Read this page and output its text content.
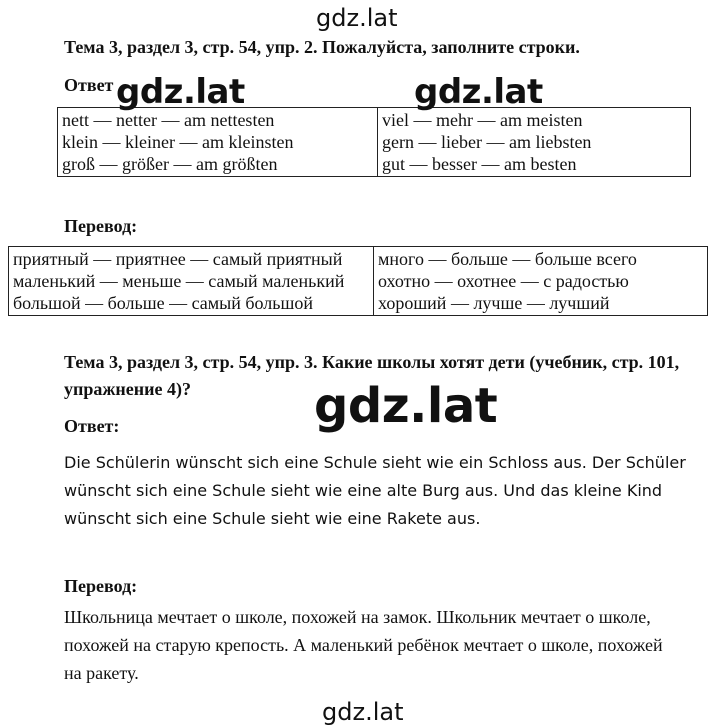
gdz.lat
Тема 3, раздел 3, стр. 54, упр. 2. Пожалуйста, заполните строки.
Ответ
nett — netter — am nettesten
klein — kleiner — am kleinsten
groß — größer — am größten

viel — mehr — am meisten
gern — lieber — am liebsten
gut — besser — am besten
gdz.lat	gdz.lat
Перевод:
приятный — приятнее — самый приятный
маленький — меньше — самый маленький
большой — больше — самый большой

много — больше — больше всего
охотно — охотнее — с радостью
хороший — лучше — лучший
Тема 3, раздел 3, стр. 54, упр. 3. Какие школы хотят дети (учебник, стр. 101, упражнение 4)?	gdz.lat
Ответ:
Die Schülerin wünscht sich eine Schule sieht wie ein Schloss aus. Der Schüler
wünscht sich eine Schule sieht wie eine alte Burg aus. Und das kleine Kind
wünscht sich eine Schule sieht wie eine Rakete aus.
Перевод:
Школьница мечтает о школе, похожей на замок. Школьник мечтает о школе,
похожей на старую крепость. А маленький ребёнок мечтает о школе, похожей
на ракету.
gdz.lat
